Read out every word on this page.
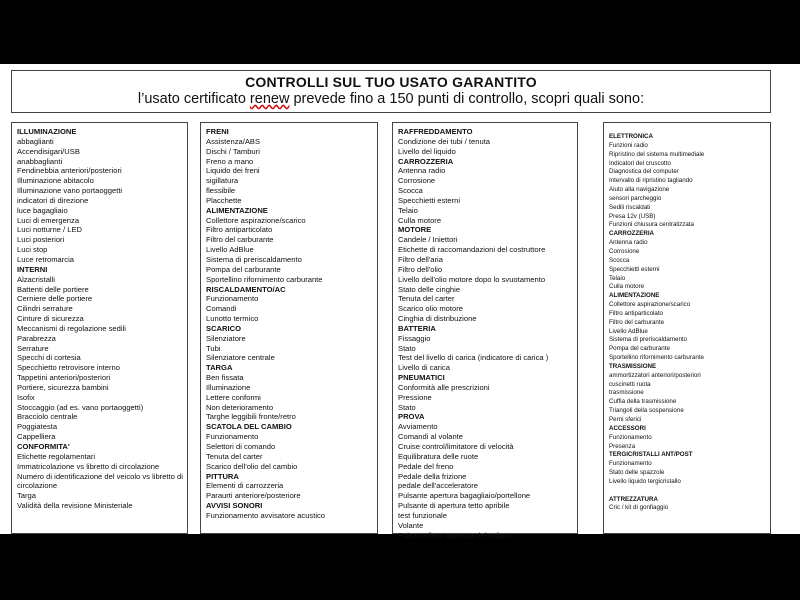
CONTROLLI SUL TUO USATO GARANTITO
l’usato certificato renew prevede fino a 150 punti di controllo, scopri quali sono:
ILLUMINAZIONE
abbaglianti
Accendisigari/USB
anabbaglianti
Fendinebbia anteriori/posteriori
Illuminazione abitacolo
Illuminazione vano portaoggetti
indicatori di direzione
luce bagagliaio
Luci di emergenza
Luci notturne / LED
Luci posteriori
Luci stop
Luce retromarcia
INTERNI
Alzacristalli
Battenti delle portiere
Cerniere delle portiere
Cilindri serrature
Cinture di sicurezza
Meccanismi di regolazione sedili
Parabrezza
Serrature
Specchi di cortesia
Specchietto retrovisore interno
Tappetini anteriori/posteriori
Portiere, sicurezza bambini
Isofix
Stoccaggio (ad es. vano portaoggetti)
Bracciolo centrale
Poggiatesta
Cappelliera
CONFORMITA'
Etichette regolamentari
Immatricolazione vs libretto di circolazione
Numero di identificazione del veicolo vs libretto di
circolazione
Targa
Validità della revisione Ministeriale
FRENI
Assistenza/ABS
Dischi / Tamburi
Freno a mano
Liquido dei freni
sigillatura
flessibile
Placchette
ALIMENTAZIONE
Collettore aspirazione/scarico
Filtro antiparticolato
Filtro del carburante
Livello AdBlue
Sistema di preriscaldamento
Pompa del carburante
Sportellino rifornimento carburante
RISCALDAMENTO/AC
Funzionamento
Comandi
Lunotto termico
SCARICO
Silenziatore
Tubi
Silenziatore centrale
TARGA
Ben fissata
Illuminazione
Lettere conformi
Non deterioramento
Targhe leggibili fronte/retro
SCATOLA DEL CAMBIO
Funzionamento
Selettori di comando
Tenuta del carter
Scarico dell'olio del cambio
PITTURA
Elementi di carrozzeria
Paraurti anteriore/posteriore
AVVISI SONORI
Funzionamento avvisatore acustico
RAFFREDDAMENTO
Condizione dei tubi / tenuta
Livello del liquido
CARROZZERIA
Antenna radio
Corrosione
Scocca
Specchietti esterni
Telaio
Culla motore
MOTORE
Candele / Iniettori
Etichette di raccomandazioni del costruttore
Filtro dell'aria
Filtro dell'olio
Livello dell'olio motore dopo lo svuotamento
Stato delle cinghie
Tenuta del carter
Scarico olio motore
Cinghia di distribuzione
BATTERIA
Fissaggio
Stato
Test del livello di carica (indicatore di carica )
Livello di carica
PNEUMATICI
Conformità alle prescrizioni
Pressione
Stato
PROVA
Avviamento
Comandi al volante
Cruise control/limitatore di velocità
Equilibratura delle ruote
Pedale del freno
Pedale della frizione
pedale dell'acceleratore
Pulsante apertura bagagliaio/portellone
Pulsante di apertura tetto apribile
test funzionale
Volante
Pulsante/leva apertura del cofano
ELETTRONICA
Funzioni radio
Ripristino del sistema multimediale
Indicatori del cruscotto
Diagnostica del computer
Intervallo di ripristino tagliando
Aiuto alla navigazione
sensori parcheggio
Sedili riscaldati
Presa 12v (USB)
Funzioni chiusura centralizzata
CARROZZERIA
Antenna radio
Corrosione
Scocca
Specchietti esterni
Telaio
Culla motore
ALIMENTAZIONE
Collettore aspirazione/scarico
Filtro antiparticolato
Filtro del carburante
Livello AdBlue
Sistema di preriscaldamento
Pompa del carburante
Sportellino rifornimento carburante
TRASMISSIONE
ammortizzatori anteriori/posteriori
cuscinetti ruota
trasmissione
Cuffia della trasmissione
Triangoli della sospensione
Perni sferici
ACCESSORI
Funzionamento
Presenza
TERGICRISTALLI ANT/POST
Funzionamento
Stato delle spazzole
Livello liquido tergicristallo
ATTREZZATURA
Cric / kit di gonfiaggio
